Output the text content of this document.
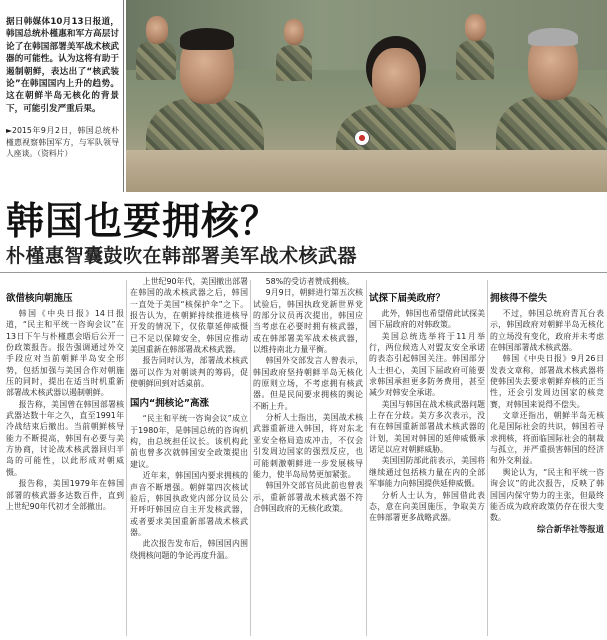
据日韩媒体10月13日报道，韩国总统朴槿惠和军方高层讨论了在韩国部署美军战术核武器的可能性。认为这将有助于遏制朝鲜，表达出了“核武装论”在韩国国内上升的趋势。这在朝鲜半岛无核化的背景下，可能引发严重后果。
►2015年9月2日，韩国总统朴槿惠视察韩国军方，与军队领导人座谈。（资料片）
韩国也要拥核？
朴槿惠智囊鼓吹在韩部署美军战术核武器
欲借核向朝施压

韩国《中央日报》14日报道，“民主和平统一咨询会议”在13日下午与朴槿惠会晤后公开一份政策报告。报告强调通过外交手段应对当前朝鲜半岛安全形势，包括加强与美国合作对朝施压的同时，提出在适当时机重新部署战术核武器以遏制朝鲜。

报告称，美国曾在韩国部署核武器达数十年之久，直至1991年冷战结束后撤出。当前朝鲜核导能力不断提高，韩国有必要与美方协商，讨论战术核武器回归半岛的可能性，以此形成对朝威慑。

报告称，美国1979年在韩国部署的核武器多达数百件，直到上世纪90年代初才全部撤出。

上世纪90年代，美国撤出部署在韩国的战术核武器之后，韩国一直处于美国“核保护伞”之下。报告认为，在朝鲜持续推进核导开发的情况下，仅依靠延伸威慑已不足以保障安全，韩国应推动美国重新在韩部署战术核武器。

报告同时认为，部署战术核武器可以作为对朝谈判的筹码，促使朝鲜回到对话桌前。

国内“拥核论”高涨

“民主和平统一咨询会议”成立于1980年，是韩国总统的咨询机构，由总统担任议长。该机构此前也曾多次就韩国安全政策提出建议。

近年来，韩国国内要求拥核的声音不断增强。朝鲜第四次核试验后，韩国执政党内部分议员公开呼吁韩国应自主开发核武器，或者要求美国重新部署战术核武器。

此次报告发布后，韩国国内围绕拥核问题的争论再度升温。

58%的受访者赞成拥核。

9月9日，朝鲜进行第五次核试验后，韩国执政党新世界党的部分议员再次提出，韩国应当考虑在必要时拥有核武器，或在韩部署美军战术核武器，以维持南北力量平衡。

韩国外交部发言人曾表示，韩国政府坚持朝鲜半岛无核化的原则立场，不考虑拥有核武器。但是民间要求拥核的舆论不断上升。

分析人士指出，美国战术核武器重新进入韩国，将对东北亚安全格局造成冲击，不仅会引发周边国家的强烈反应，也可能刺激朝鲜进一步发展核导能力，使半岛局势更加紧张。

韩国外交部官员此前也曾表示，重新部署战术核武器不符合韩国政府的无核化政策。

试探下届美政府？

此外，韩国也希望借此试探美国下届政府的对韩政策。

美国总统选举将于11月举行，两位候选人对盟友安全承诺的表态引起韩国关注。韩国部分人士担心，美国下届政府可能要求韩国承担更多防务费用，甚至减少对韩安全承诺。

美国与韩国在战术核武器问题上存在分歧。美方多次表示，没有在韩国重新部署战术核武器的计划，美国对韩国的延伸威慑承诺足以应对朝鲜威胁。

美国国防部此前表示，美国将继续通过包括核力量在内的全部军事能力向韩国提供延伸威慑。

分析人士认为，韩国借此表态，意在向美国施压，争取美方在韩部署更多战略武器。

拥核得不偿失

不过，韩国总统府青瓦台表示，韩国政府对朝鲜半岛无核化的立场没有变化，政府并未考虑在韩国部署战术核武器。

韩国《中央日报》9月26日发表文章称，部署战术核武器将使韩国失去要求朝鲜弃核的正当性，还会引发周边国家的核竞赛，对韩国来说得不偿失。

文章还指出，朝鲜半岛无核化是国际社会的共识，韩国若寻求拥核，将面临国际社会的制裁与孤立，并严重损害韩国的经济和外交利益。

舆论认为，“民主和平统一咨询会议”的此次报告，反映了韩国国内保守势力的主张，但最终能否成为政府政策仍存在很大变数。

综合新华社等报道
